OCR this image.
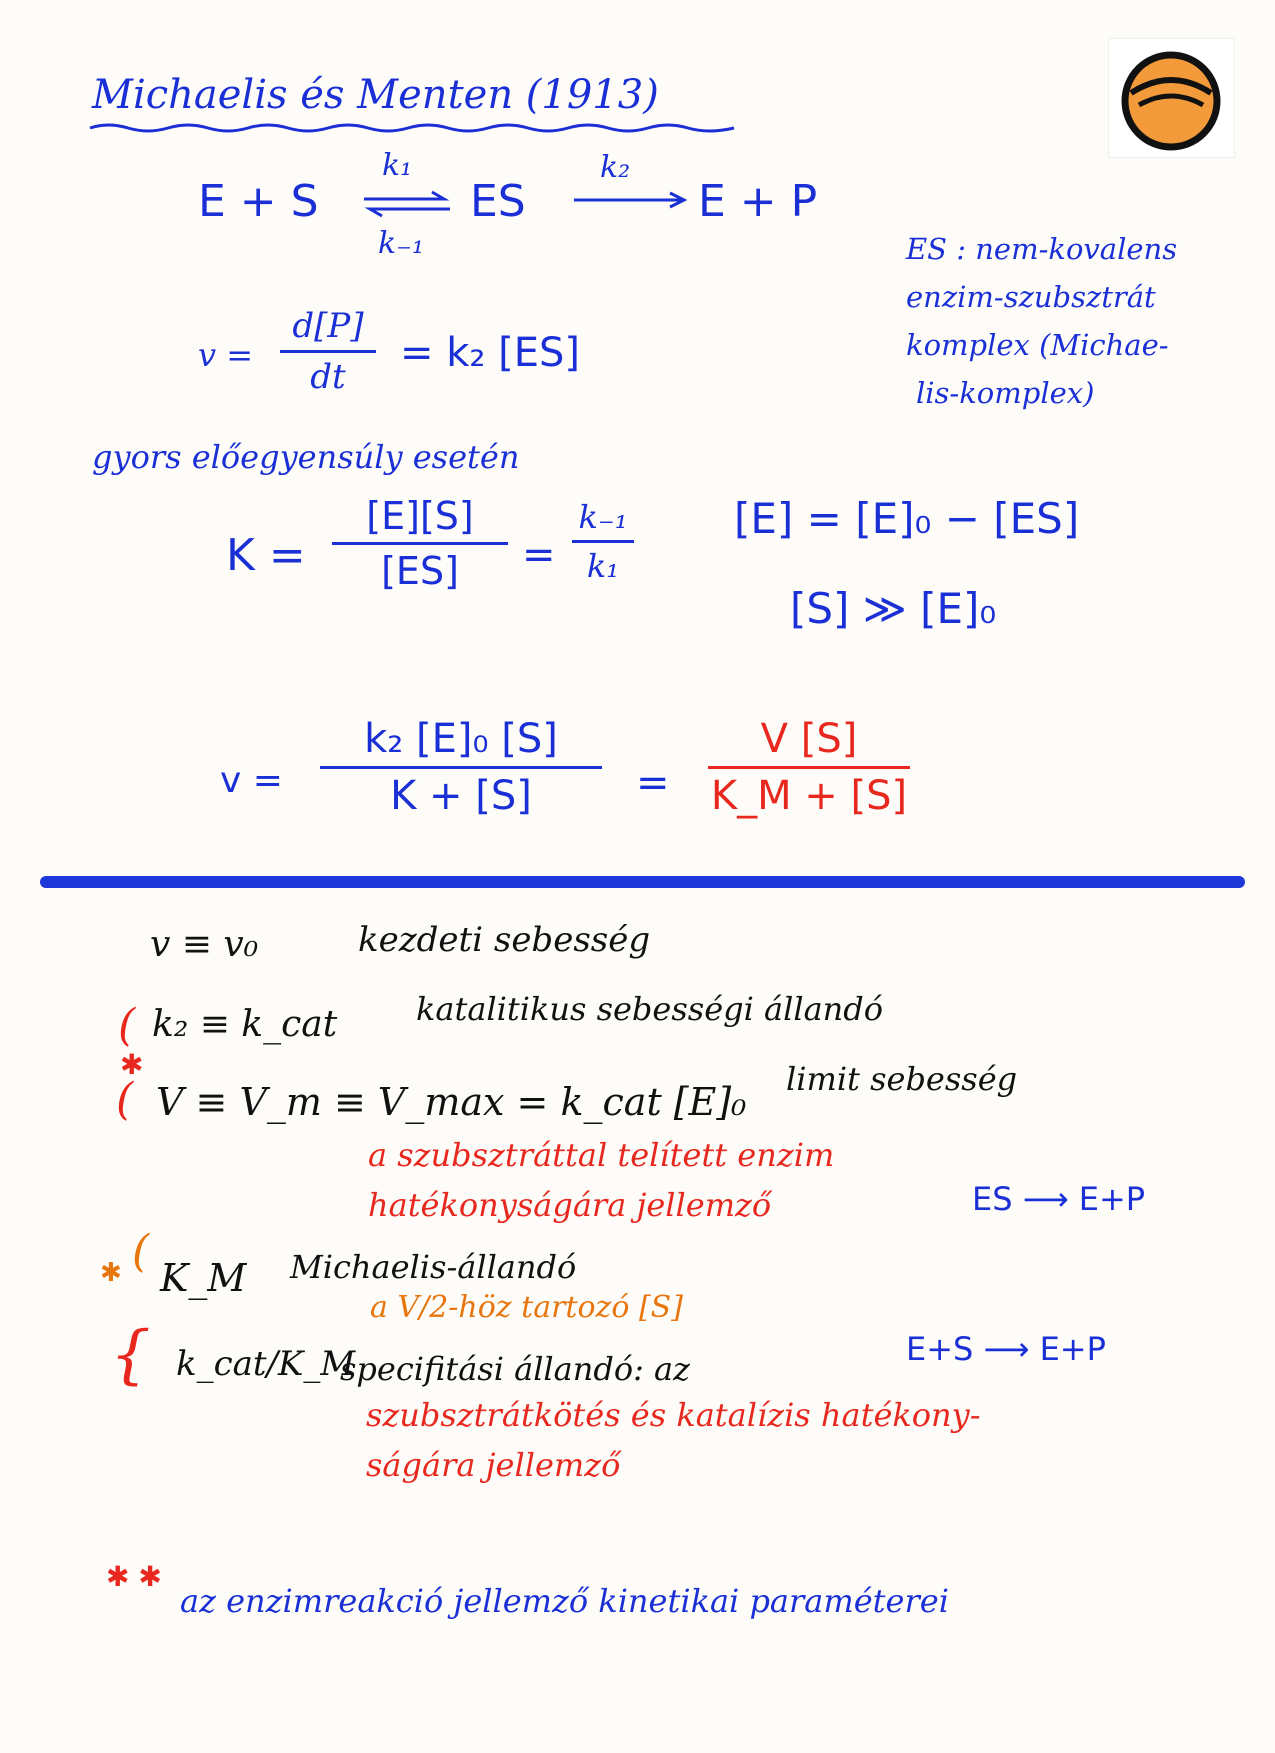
Michaelis és Menten (1913)
E + S
k₁
k₋₁
ES
k₂
E + P
ES : nem-kovalens
enzim-szubsztrát
komplex (Michae-
lis-komplex)
v =
d[P]
dt
= k₂ [ES]
gyors előegyensúly esetén
K =
[E][S]
[ES] =
k₋₁
k₁
[E] = [E]₀ − [ES]
[S] ≫ [E]₀
v =
k₂ [E]₀ [S]
K + [S]	=
V [S]
K_M + [S]
v ≡ v₀	kezdeti sebesség
( k₂ ≡ k_cat katalitikus sebességi állandó
✱
( V ≡ V_m ≡ V_max = k_cat [E]₀
limit sebesség
a szubsztráttal telített enzim
hatékonyságára jellemző	ES ⟶ E+P
✱ (
K_M Michaelis-állandó
a V/2-höz tartozó [S]
{ k_cat/K_M
specifitási állandó: az
E+S ⟶ E+P
szubsztrátkötés és katalízis hatékony-
ságára jellemző
✱ ✱
az enzimreakció jellemző kinetikai paraméterei
